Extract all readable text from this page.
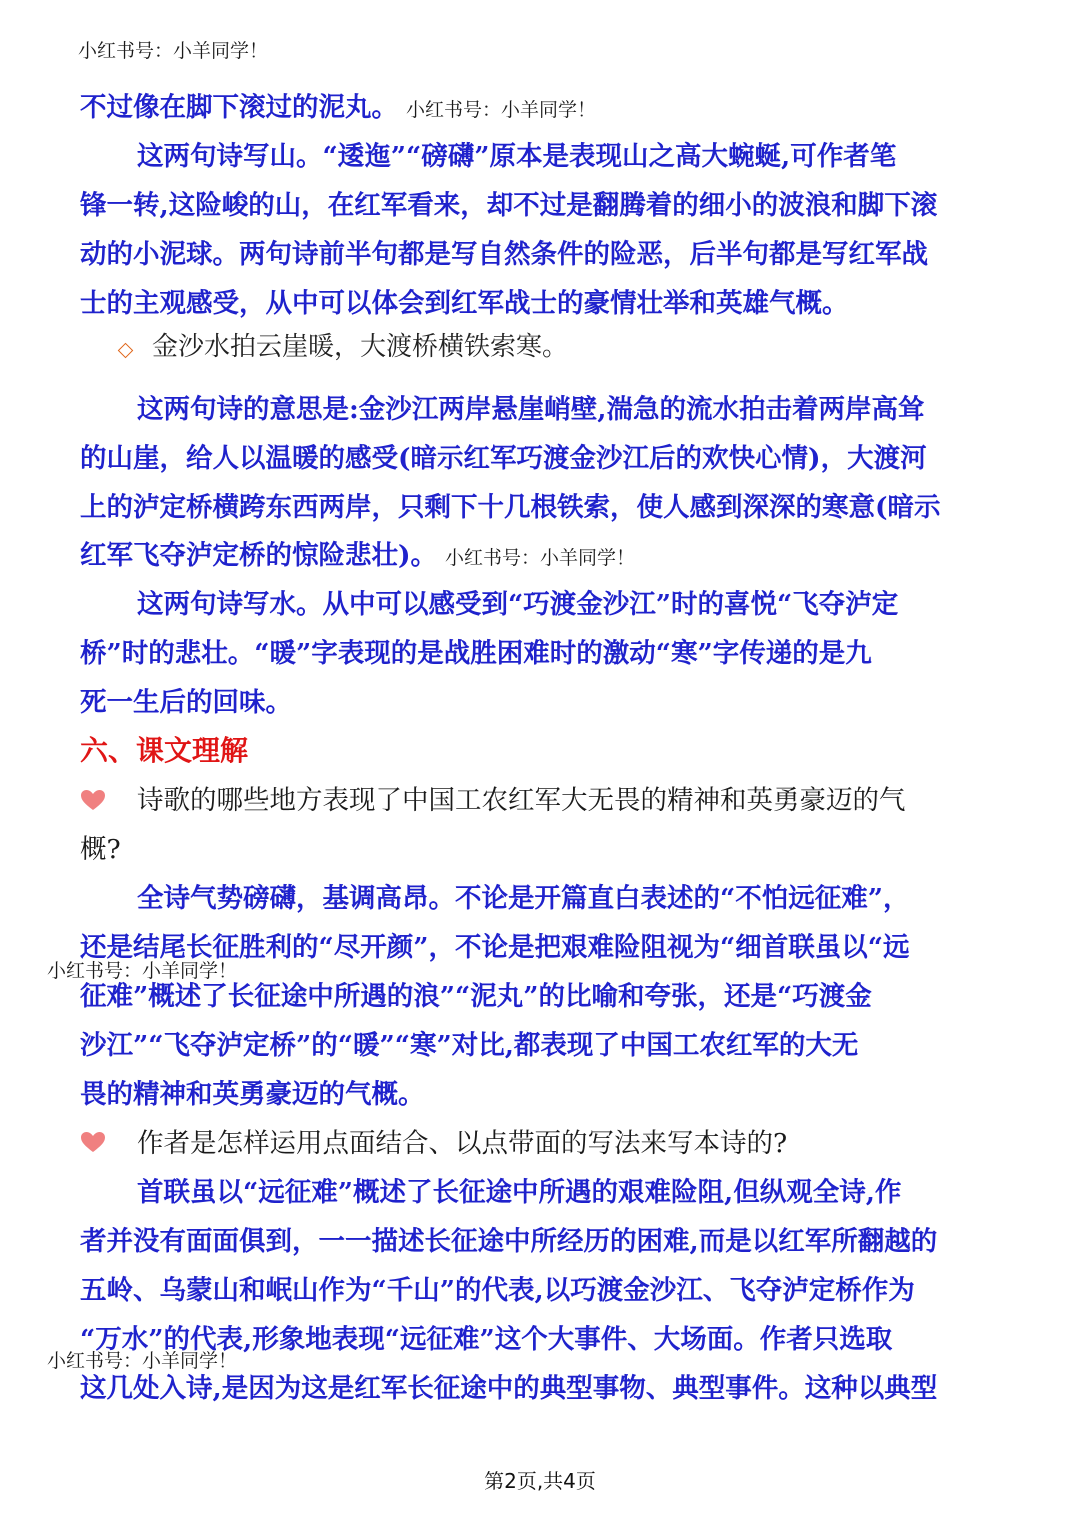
小红书号：小羊同学！
不过像在脚下滚过的泥丸。 小红书号：小羊同学！
这两句诗写山。“逶迤”“磅礴”原本是表现山之高大蜿蜒,可作者笔
锋一转,这险峻的山，在红军看来，却不过是翻腾着的细小的波浪和脚下滚
动的小泥球。两句诗前半句都是写自然条件的险恶，后半句都是写红军战
士的主观感受，从中可以体会到红军战士的豪情壮举和英雄气概。
金沙水拍云崖暖，大渡桥横铁索寒。
这两句诗的意思是:金沙江两岸悬崖峭壁,湍急的流水拍击着两岸高耸
的山崖，给人以温暖的感受(暗示红军巧渡金沙江后的欢快心情)，大渡河
上的泸定桥横跨东西两岸，只剩下十几根铁索，使人感到深深的寒意(暗示
红军飞夺泸定桥的惊险悲壮)。 小红书号：小羊同学！
这两句诗写水。从中可以感受到“巧渡金沙江”时的喜悦“飞夺泸定
桥”时的悲壮。“暖”字表现的是战胜困难时的激动“寒”字传递的是九
死一生后的回味。
六、课文理解
诗歌的哪些地方表现了中国工农红军大无畏的精神和英勇豪迈的气
概?
全诗气势磅礴，基调高昂。不论是开篇直白表述的“不怕远征难”，
还是结尾长征胜利的“尽开颜”，不论是把艰难险阻视为“细首联虽以“远
小红书号：小羊同学！
征难”概述了长征途中所遇的浪”“泥丸”的比喻和夸张，还是“巧渡金
沙江”“飞夺泸定桥”的“暖”“寒”对比,都表现了中国工农红军的大无
畏的精神和英勇豪迈的气概。
作者是怎样运用点面结合、以点带面的写法来写本诗的?
首联虽以“远征难”概述了长征途中所遇的艰难险阻,但纵观全诗,作
者并没有面面俱到，一一描述长征途中所经历的困难,而是以红军所翻越的
五岭、乌蒙山和岷山作为“千山”的代表,以巧渡金沙江、飞夺泸定桥作为
“万水”的代表,形象地表现“远征难”这个大事件、大场面。作者只选取
小红书号：小羊同学！
这几处入诗,是因为这是红军长征途中的典型事物、典型事件。这种以典型
第2页,共4页
